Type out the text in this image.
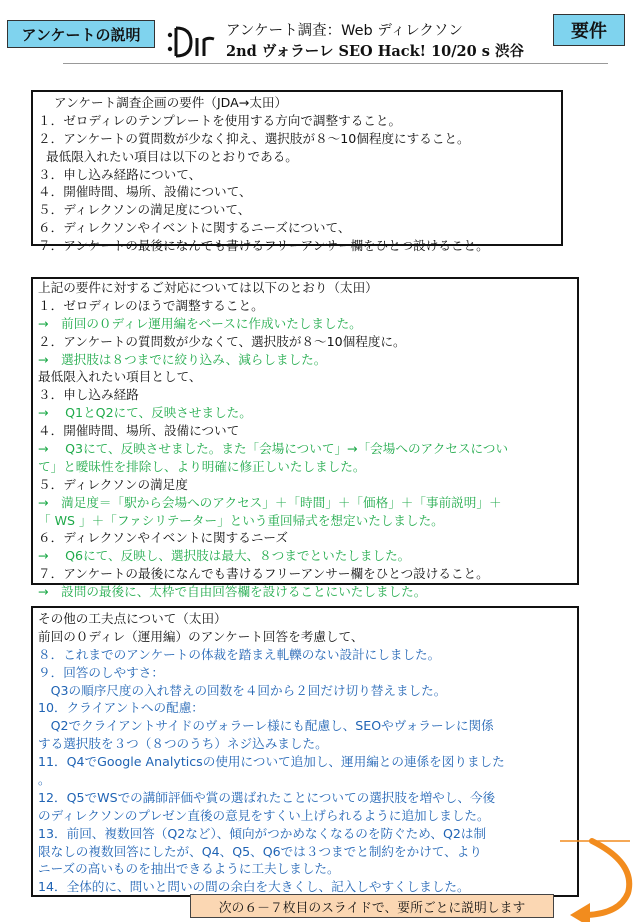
アンケートの説明	アンケート調査：Web ディレクソン
2nd ヴォラーレ SEO Hack! 10/20 s 渋谷
要件
アンケート調査企画の要件（JDA→太田）
１．ゼロディレのテンプレートを使用する方向で調整すること。
２．アンケートの質問数が少なく抑え、選択肢が８～10個程度にすること。
最低限入れたい項目は以下のとおりである。
３．申し込み経路について、
４．開催時間、場所、設備について、
５．ディレクソンの満足度について、
６．ディレクソンやイベントに関するニーズについて、
７．アンケートの最後になんでも書けるフリーアンサー欄をひとつ設けること。
上記の要件に対するご対応については以下のとおり（太田）
１．ゼロディレのほうで調整すること。
→　前回の０ディレ運用編をベースに作成いたしました。
２．アンケートの質問数が少なくて、選択肢が８～10個程度に。
→　選択肢は８つまでに絞り込み、減らしました。
最低限入れたい項目として、
３．申し込み経路
→　 Q1とQ2にて、反映させました。
４．開催時間、場所、設備について
→　 Q3にて、反映させました。また「会場について」→「会場へのアクセスについ
て」と曖昧性を排除し、より明確に修正しいたしました。
５．ディレクソンの満足度
→　満足度＝「駅から会場へのアクセス」＋「時間」＋「価格」＋「事前説明」＋
「 WS 」＋「ファシリテーター」という重回帰式を想定いたしました。
６．ディレクソンやイベントに関するニーズ
→　 Q6にて、反映し、選択肢は最大、８つまでといたしました。
７．アンケートの最後になんでも書けるフリーアンサー欄をひとつ設けること。
→　設問の最後に、太枠で自由回答欄を設けることにいたしました。
その他の工夫点について（太田）
前回の０ディレ（運用編）のアンケート回答を考慮して、
８．これまでのアンケートの体裁を踏まえ軋轢のない設計にしました。
９．回答のしやすさ：
　Q3の順序尺度の入れ替えの回数を４回から２回だけ切り替えました。
10．クライアントへの配慮：
　Q2でクライアントサイドのヴォラーレ様にも配慮し、SEOやヴォラーレに関係
する選択肢を３つ（８つのうち）ネジ込みました。
11．Q4でGoogle Analyticsの使用について追加し、運用編との連係を図りました
。
12．Q5でWSでの講師評価や賞の選ばれたことについての選択肢を増やし、今後
のディレクソンのプレゼン直後の意見をすくい上げられるように追加しました。
13．前回、複数回答（Q2など）、傾向がつかめなくなるのを防ぐため、Q2は制
限なしの複数回答にしたが、Q4、Q5、Q6では３つまでと制約をかけて、より
ニーズの高いものを抽出できるように工夫しました。
14．全体的に、問いと問いの間の余白を大きくし、記入しやすくしました。
次の６－７枚目のスライドで、要所ごとに説明します
